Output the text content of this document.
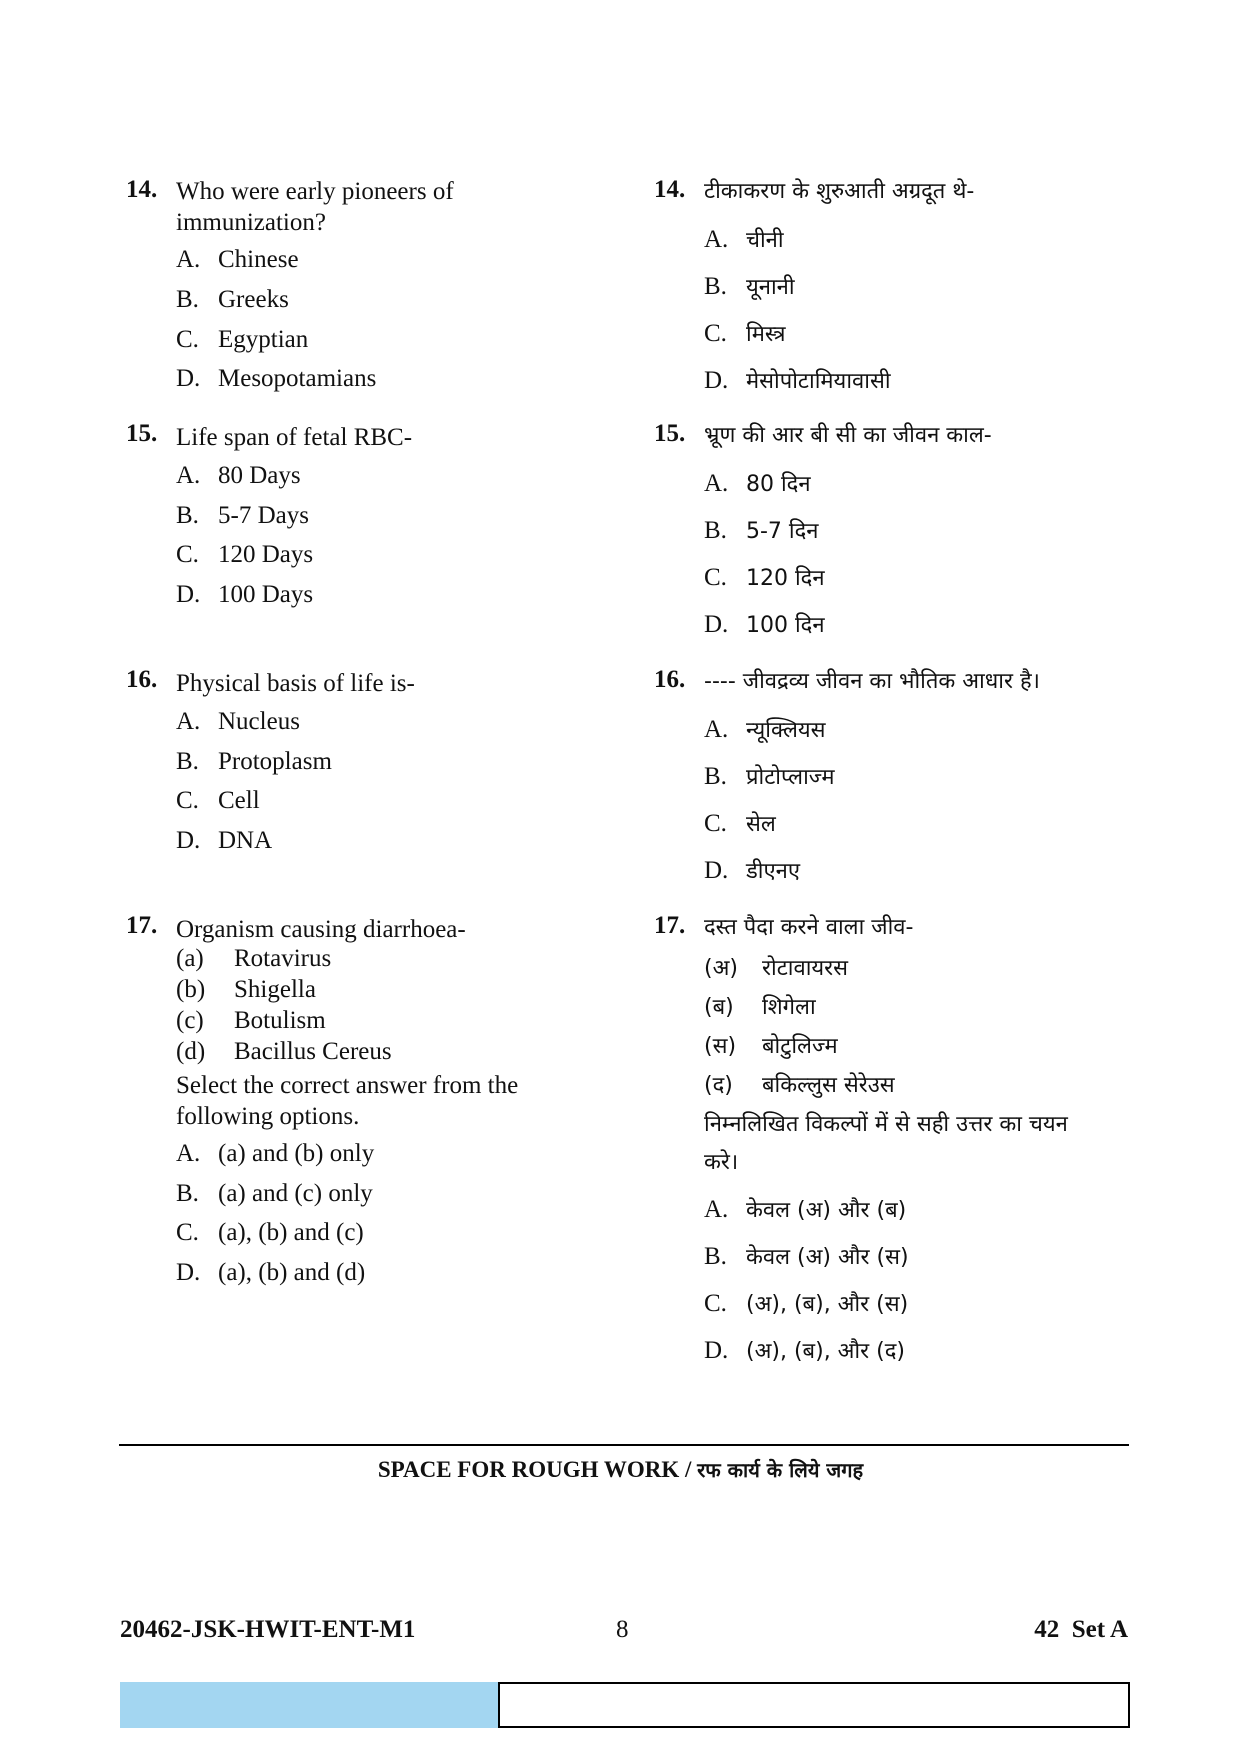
14. Who were early pioneers of
immunization?
A. Chinese
B. Greeks
C. Egyptian
D. Mesopotamians
15. Life span of fetal RBC-
A. 80 Days
B. 5-7 Days
C. 120 Days
D. 100 Days
16. Physical basis of life is-
A. Nucleus
B. Protoplasm
C. Cell
D. DNA
17. Organism causing diarrhoea-
(a) Rotavirus
(b) Shigella
(c) Botulism
(d) Bacillus Cereus
Select the correct answer from the
following options.
A. (a) and (b) only
B. (a) and (c) only
C. (a), (b) and (c)
D. (a), (b) and (d)
14. टीकाकरण के शुरुआती अग्रदूत थे-
A. चीनी
B. यूनानी
C. मिस्त्र
D. मेसोपोटामियावासी
15. भ्रूण की आर बी सी का जीवन काल-
A. 80 दिन
B. 5-7 दिन
C. 120 दिन
D. 100 दिन
16. ---- जीवद्रव्य जीवन का भौतिक आधार है।
A. न्यूक्लियस
B. प्रोटोप्लाज्म
C. सेल
D. डीएनए
17. दस्त पैदा करने वाला जीव-
(अ) रोटावायरस
(ब) शिगेला
(स) बोटुलिज्म
(द) बकिल्लुस सेरेउस
निम्नलिखित विकल्पों में से सही उत्तर का चयन
करे।
A. केवल (अ) और (ब)
B. केवल (अ) और (स)
C. (अ), (ब), और (स)
D. (अ), (ब), और (द)
SPACE FOR ROUGH WORK / रफ कार्य के लिये जगह
20462-JSK-HWIT-ENT-M1	8	42  Set A
